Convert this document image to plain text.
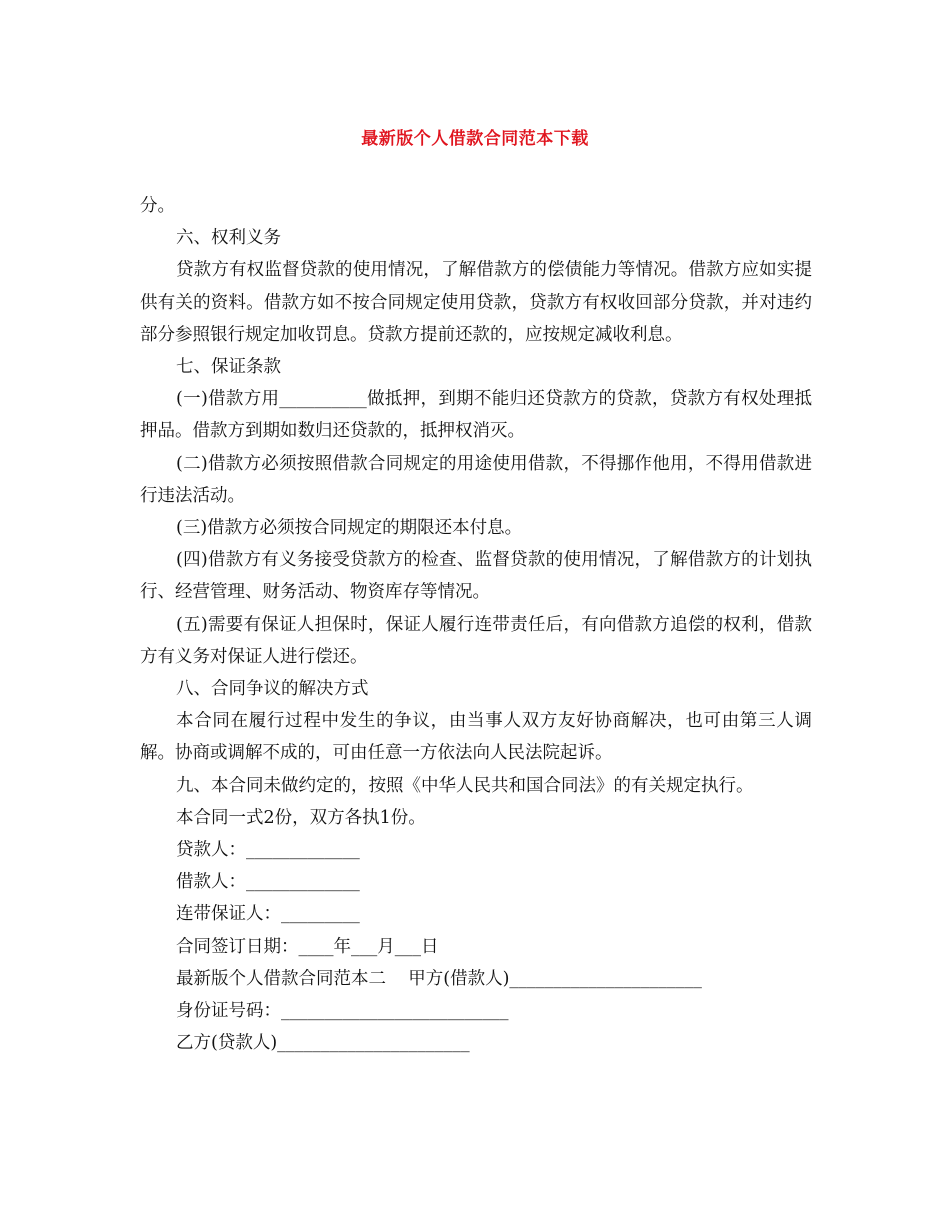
最新版个人借款合同范本下载

分。

六、权利义务

贷款方有权监督贷款的使用情况，了解借款方的偿债能力等情况。借款方应如实提供有关的资料。借款方如不按合同规定使用贷款，贷款方有权收回部分贷款，并对违约部分参照银行规定加收罚息。贷款方提前还款的，应按规定减收利息。

七、保证条款

(一)借款方用__________做抵押，到期不能归还贷款方的贷款，贷款方有权处理抵押品。借款方到期如数归还贷款的，抵押权消灭。

(二)借款方必须按照借款合同规定的用途使用借款，不得挪作他用，不得用借款进行违法活动。

(三)借款方必须按合同规定的期限还本付息。

(四)借款方有义务接受贷款方的检查、监督贷款的使用情况，了解借款方的计划执行、经营管理、财务活动、物资库存等情况。

(五)需要有保证人担保时，保证人履行连带责任后，有向借款方追偿的权利，借款方有义务对保证人进行偿还。

八、合同争议的解决方式

本合同在履行过程中发生的争议，由当事人双方友好协商解决，也可由第三人调解。协商或调解不成的，可由任意一方依法向人民法院起诉。

九、本合同未做约定的，按照《中华人民共和国合同法》的有关规定执行。

本合同一式2份，双方各执1份。

贷款人：_____________
借款人：_____________
连带保证人：_________
合同签订日期：____年___月___日
最新版个人借款合同范本二    甲方(借款人)______________________
身份证号码：__________________________
乙方(贷款人)______________________
